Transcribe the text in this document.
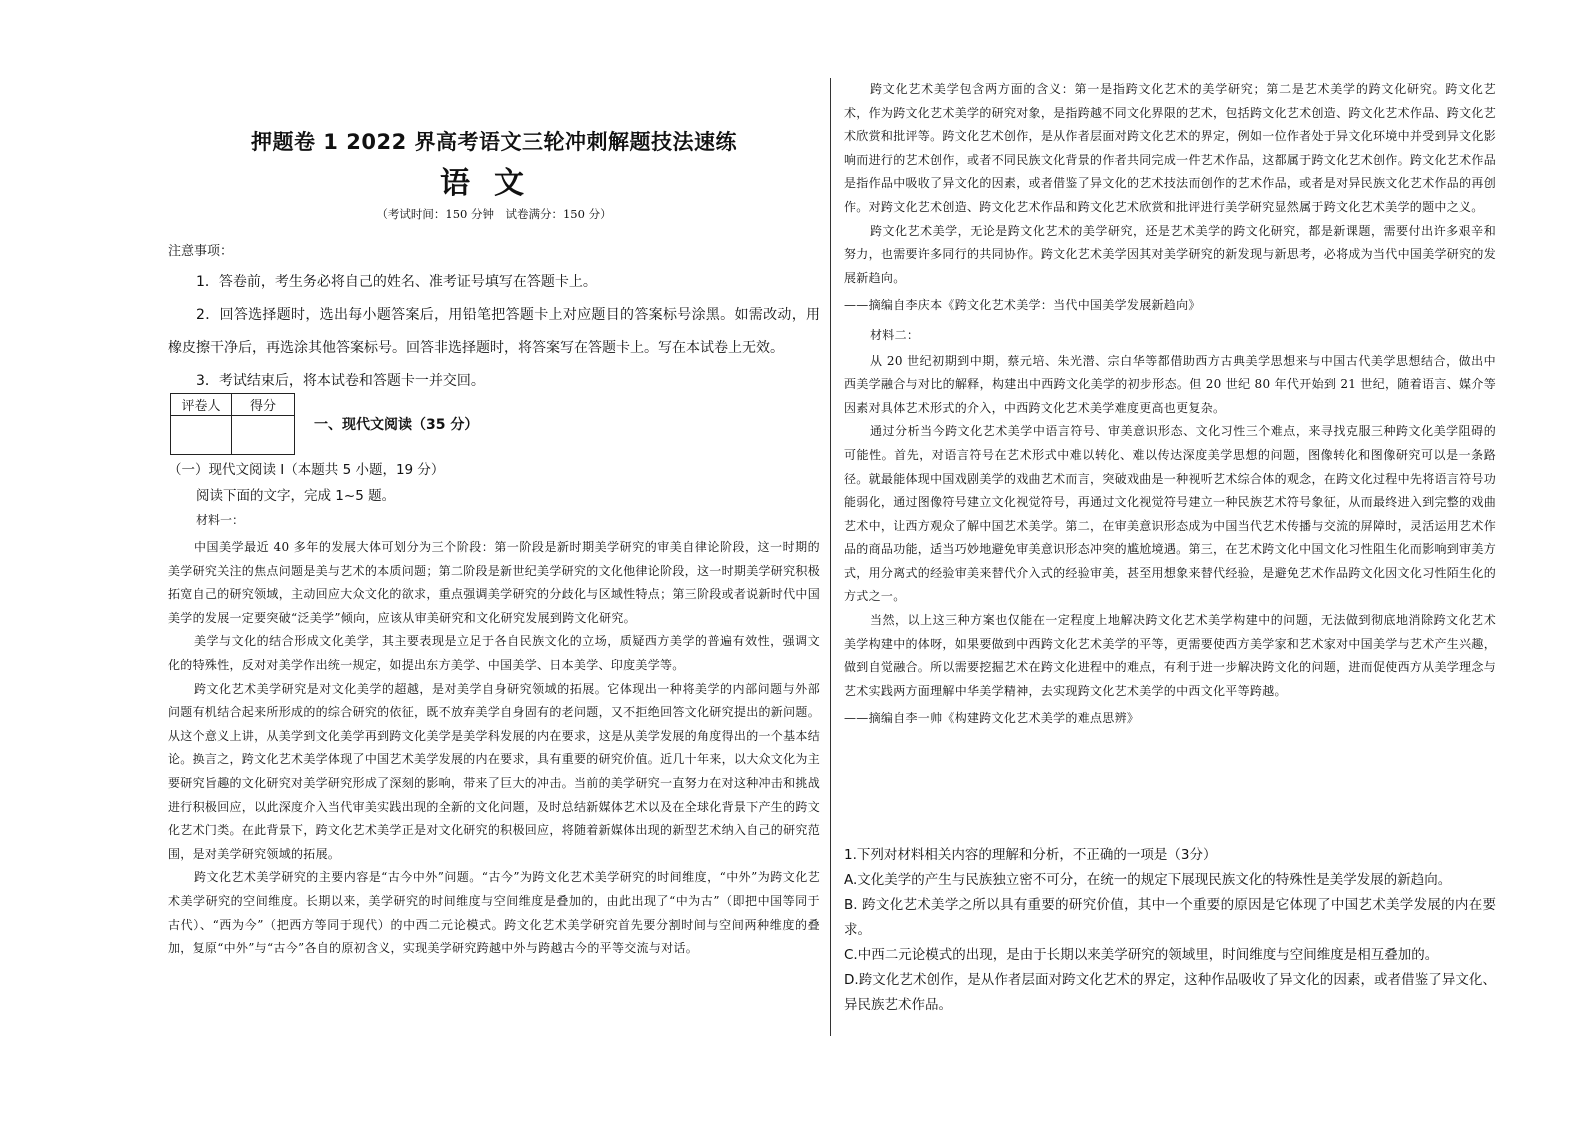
押题卷 1 2022 界高考语文三轮冲刺解题技法速练
语文
（考试时间：150 分钟　试卷满分：150 分）
注意事项：

1．答卷前，考生务必将自己的姓名、准考证号填写在答题卡上。

2．回答选择题时，选出每小题答案后，用铅笔把答题卡上对应题目的答案标号涂黑。如需改动，用橡皮擦干净后，再选涂其他答案标号。回答非选择题时，将答案写在答题卡上。写在本试卷上无效。

3．考试结束后，将本试卷和答题卡一并交回。

评卷人	得分

一、现代文阅读（35 分）
（一）现代文阅读 I（本题共 5 小题，19 分）
阅读下面的文字，完成 1~5 题。
材料一：

中国美学最近 40 多年的发展大体可划分为三个阶段：第一阶段是新时期美学研究的审美自律论阶段，这一时期的美学研究关注的焦点问题是美与艺术的本质问题；第二阶段是新世纪美学研究的文化他律论阶段，这一时期美学研究积极拓宽自己的研究领域，主动回应大众文化的欲求，重点强调美学研究的分歧化与区域性特点；第三阶段或者说新时代中国美学的发展一定要突破“泛美学”倾向，应该从审美研究和文化研究发展到跨文化研究。

美学与文化的结合形成文化美学，其主要表现是立足于各自民族文化的立场，质疑西方美学的普遍有效性，强调文化的特殊性，反对对美学作出统一规定，如提出东方美学、中国美学、日本美学、印度美学等。

跨文化艺术美学研究是对文化美学的超越，是对美学自身研究领域的拓展。它体现出一种将美学的内部问题与外部问题有机结合起来所形成的的综合研究的依征，既不放弃美学自身固有的老问题，又不拒绝回答文化研究提出的新问题。从这个意义上讲，从美学到文化美学再到跨文化美学是美学科发展的内在要求，这是从美学发展的角度得出的一个基本结论。换言之，跨文化艺术美学体现了中国艺术美学发展的内在要求，具有重要的研究价值。近几十年来，以大众文化为主要研究旨趣的文化研究对美学研究形成了深刻的影响，带来了巨大的冲击。当前的美学研究一直努力在对这种冲击和挑战进行积极回应，以此深度介入当代审美实践出现的全新的文化问题，及时总结新媒体艺术以及在全球化背景下产生的跨文化艺术门类。在此背景下，跨文化艺术美学正是对文化研究的积极回应，将随着新媒体出现的新型艺术纳入自己的研究范围，是对美学研究领域的拓展。

跨文化艺术美学研究的主要内容是“古今中外”问题。“古今”为跨文化艺术美学研究的时间维度，“中外”为跨文化艺术美学研究的空间维度。长期以来，美学研究的时间维度与空间维度是叠加的，由此出现了“中为古”（即把中国等同于古代）、“西为今”（把西方等同于现代）的中西二元论模式。跨文化艺术美学研究首先要分割时间与空间两种维度的叠加，复原“中外”与“古今”各自的原初含义，实现美学研究跨越中外与跨越古今的平等交流与对话。

跨文化艺术美学包含两方面的含义：第一是指跨文化艺术的美学研究；第二是艺术美学的跨文化研究。跨文化艺术，作为跨文化艺术美学的研究对象，是指跨越不同文化界限的艺术，包括跨文化艺术创造、跨文化艺术作品、跨文化艺术欣赏和批评等。跨文化艺术创作，是从作者层面对跨文化艺术的界定，例如一位作者处于异文化环境中并受到异文化影响而进行的艺术创作，或者不同民族文化背景的作者共同完成一件艺术作品，这都属于跨文化艺术创作。跨文化艺术作品是指作品中吸收了异文化的因素，或者借鉴了异文化的艺术技法而创作的艺术作品，或者是对异民族文化艺术作品的再创作。对跨文化艺术创造、跨文化艺术作品和跨文化艺术欣赏和批评进行美学研究显然属于跨文化艺术美学的题中之义。

跨文化艺术美学，无论是跨文化艺术的美学研究，还是艺术美学的跨文化研究，都是新课题，需要付出许多艰辛和努力，也需要许多同行的共同协作。跨文化艺术美学因其对美学研究的新发现与新思考，必将成为当代中国美学研究的发展新趋向。

——摘编自李庆本《跨文化艺术美学：当代中国美学发展新趋向》

材料二：

从 20 世纪初期到中期，蔡元培、朱光潜、宗白华等都借助西方古典美学思想来与中国古代美学思想结合，做出中西美学融合与对比的解释，构建出中西跨文化美学的初步形态。但 20 世纪 80 年代开始到 21 世纪，随着语言、媒介等因素对具体艺术形式的介入，中西跨文化艺术美学难度更高也更复杂。

通过分析当今跨文化艺术美学中语言符号、审美意识形态、文化习性三个难点，来寻找克服三种跨文化美学阻碍的可能性。首先，对语言符号在艺术形式中难以转化、难以传达深度美学思想的问题，图像转化和图像研究可以是一条路径。就最能体现中国戏剧美学的戏曲艺术而言，突破戏曲是一种视听艺术综合体的观念，在跨文化过程中先将语言符号功能弱化，通过图像符号建立文化视觉符号，再通过文化视觉符号建立一种民族艺术符号象征，从而最终进入到完整的戏曲艺术中，让西方观众了解中国艺术美学。第二，在审美意识形态成为中国当代艺术传播与交流的屏障时，灵活运用艺术作品的商品功能，适当巧妙地避免审美意识形态冲突的尴尬境遇。第三，在艺术跨文化中国文化习性阻生化而影响到审美方式，用分离式的经验审美来替代介入式的经验审美，甚至用想象来替代经验，是避免艺术作品跨文化因文化习性陌生化的方式之一。

当然，以上这三种方案也仅能在一定程度上地解决跨文化艺术美学构建中的问题，无法做到彻底地消除跨文化艺术美学构建中的体呀，如果要做到中西跨文化艺术美学的平等，更需要使西方美学家和艺术家对中国美学与艺术产生兴趣，做到自觉融合。所以需要挖掘艺术在跨文化进程中的难点，有利于进一步解决跨文化的问题，进而促使西方从美学理念与艺术实践两方面理解中华美学精神，去实现跨文化艺术美学的中西文化平等跨越。

——摘编自李一帅《构建跨文化艺术美学的难点思辨》

1.下列对材料相关内容的理解和分析，不正确的一项是（3分）

A.文化美学的产生与民族独立密不可分，在统一的规定下展现民族文化的特殊性是美学发展的新趋向。

B. 跨文化艺术美学之所以具有重要的研究价值，其中一个重要的原因是它体现了中国艺术美学发展的内在要求。

C.中西二元论模式的出现，是由于长期以来美学研究的领域里，时间维度与空间维度是相互叠加的。

D.跨文化艺术创作，是从作者层面对跨文化艺术的界定，这种作品吸收了异文化的因素，或者借鉴了异文化、异民族艺术作品。
